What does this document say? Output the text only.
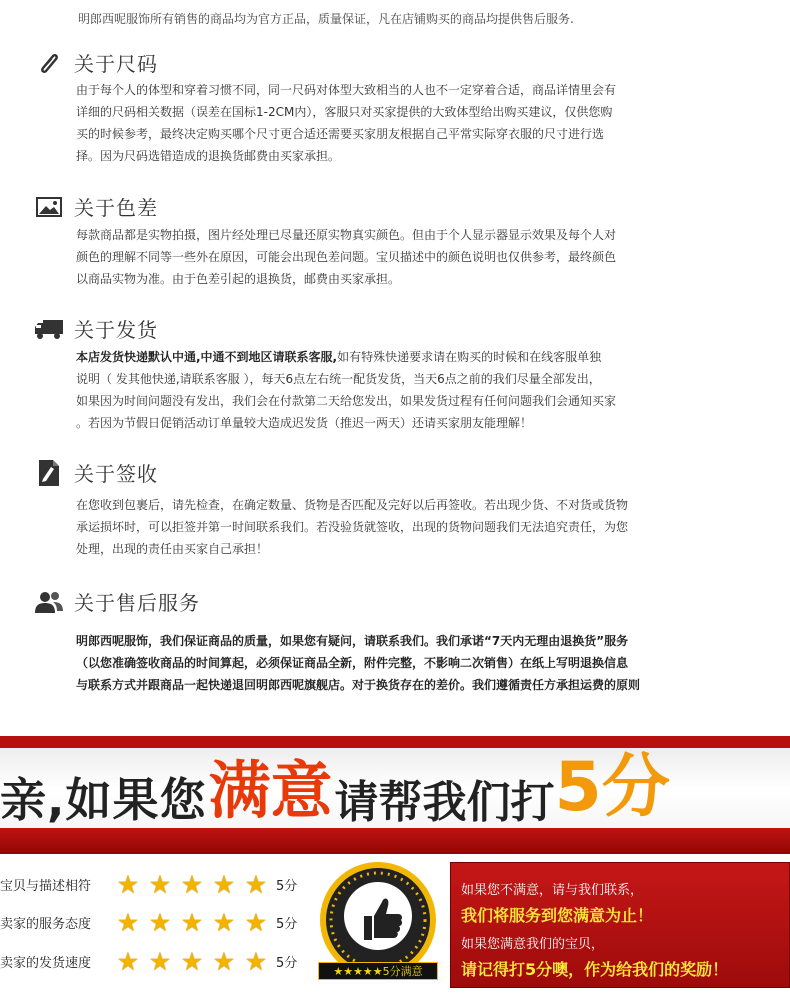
明郎西呢服饰所有销售的商品均为官方正品，质量保证，凡在店铺购买的商品均提供售后服务.
关于尺码
由于每个人的体型和穿着习惯不同，同一尺码对体型大致相当的人也不一定穿着合适，商品详情里会有
详细的尺码相关数据（误差在国标1-2CM内），客服只对买家提供的大致体型给出购买建议，仅供您购
买的时候参考，最终决定购买哪个尺寸更合适还需要买家朋友根据自己平常实际穿衣服的尺寸进行选
择。因为尺码选错造成的退换货邮费由买家承担。
关于色差
每款商品都是实物拍摄，图片经处理已尽量还原实物真实颜色。但由于个人显示器显示效果及每个人对
颜色的理解不同等一些外在原因，可能会出现色差问题。宝贝描述中的颜色说明也仅供参考，最终颜色
以商品实物为准。由于色差引起的退换货，邮费由买家承担。
关于发货
本店发货快递默认中通,中通不到地区请联系客服,如有特殊快递要求请在购买的时候和在线客服单独
说明（ 发其他快递,请联系客服 ），每天6点左右统一配货发货，当天6点之前的我们尽量全部发出，
如果因为时间问题没有发出，我们会在付款第二天给您发出，如果发货过程有任何问题我们会通知买家
。若因为节假日促销活动订单量较大造成迟发货（推迟一两天）还请买家朋友能理解！
关于签收
在您收到包裹后，请先检查，在确定数量、货物是否匹配及完好以后再签收。若出现少货、不对货或货物
承运损坏时，可以拒签并第一时间联系我们。若没验货就签收，出现的货物问题我们无法追究责任，为您
处理，出现的责任由买家自己承担！
关于售后服务
明郎西呢服饰，我们保证商品的质量，如果您有疑问，请联系我们。我们承诺“7天内无理由退换货”服务
（以您准确签收商品的时间算起，必须保证商品全新，附件完整，不影响二次销售）在纸上写明退换信息
与联系方式并跟商品一起快递退回明郎西呢旗舰店。对于换货存在的差价。我们遵循责任方承担运费的原则
亲,如果您 满意 请帮我们打 5分
宝贝与描述相符	★ ★ ★ ★ ★ 5分
卖家的服务态度	★ ★ ★ ★ ★ 5分
卖家的发货速度	★ ★ ★ ★ ★ 5分
★★★★★5分满意
如果您不满意，请与我们联系，
我们将服务到您满意为止！
如果您满意我们的宝贝，
请记得打5分噢，作为给我们的奖励！
